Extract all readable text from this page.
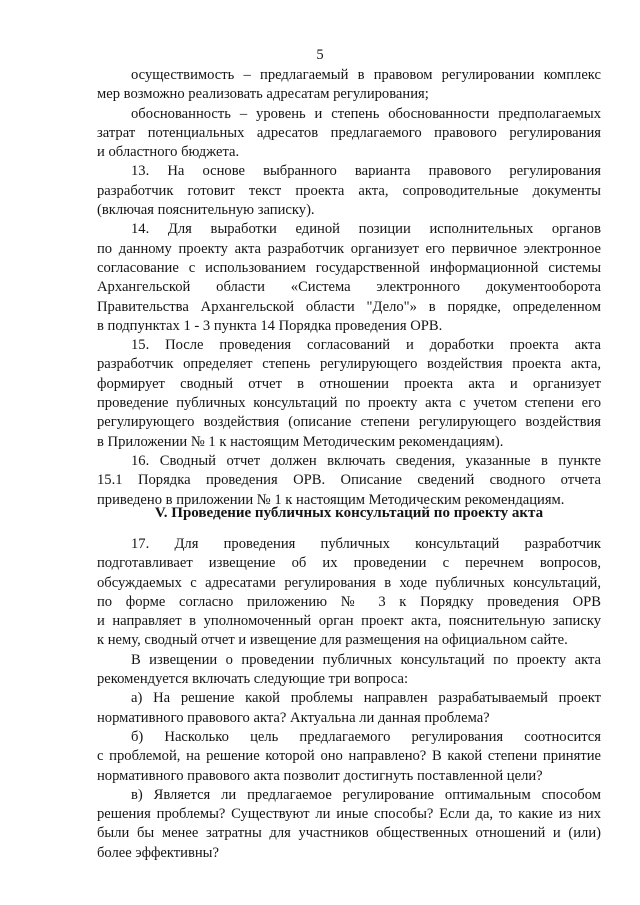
5
осуществимость – предлагаемый в правовом регулировании комплекс
мер возможно реализовать адресатам регулирования;
обоснованность – уровень и степень обоснованности предполагаемых
затрат потенциальных адресатов предлагаемого правового регулирования
и областного бюджета.
13. На основе выбранного варианта правового регулирования
разработчик готовит текст проекта акта, сопроводительные документы
(включая пояснительную записку).
14. Для выработки единой позиции исполнительных органов
по данному проекту акта разработчик организует его первичное электронное
согласование с использованием государственной информационной системы
Архангельской области «Система электронного документооборота
Правительства Архангельской области "Дело"» в порядке, определенном
в подпунктах 1 - 3 пункта 14 Порядка проведения ОРВ.
15. После проведения согласований и доработки проекта акта
разработчик определяет степень регулирующего воздействия проекта акта,
формирует сводный отчет в отношении проекта акта и организует
проведение публичных консультаций по проекту акта с учетом степени его
регулирующего воздействия (описание степени регулирующего воздействия
в Приложении № 1 к настоящим Методическим рекомендациям).
16. Сводный отчет должен включать сведения, указанные в пункте
15.1 Порядка проведения ОРВ. Описание сведений сводного отчета
приведено в приложении № 1 к настоящим Методическим рекомендациям.
V. Проведение публичных консультаций по проекту акта
17. Для проведения публичных консультаций разработчик
подготавливает извещение об их проведении с перечнем вопросов,
обсуждаемых с адресатами регулирования в ходе публичных консультаций,
по форме согласно приложению № 3 к Порядку проведения ОРВ
и направляет в уполномоченный орган проект акта, пояснительную записку
к нему, сводный отчет и извещение для размещения на официальном сайте.
В извещении о проведении публичных консультаций по проекту акта
рекомендуется включать следующие три вопроса:
а) На решение какой проблемы направлен разрабатываемый проект
нормативного правового акта? Актуальна ли данная проблема?
б) Насколько цель предлагаемого регулирования соотносится
с проблемой, на решение которой оно направлено? В какой степени принятие
нормативного правового акта позволит достигнуть поставленной цели?
в) Является ли предлагаемое регулирование оптимальным способом
решения проблемы? Существуют ли иные способы? Если да, то какие из них
были бы менее затратны для участников общественных отношений и (или)
более эффективны?
